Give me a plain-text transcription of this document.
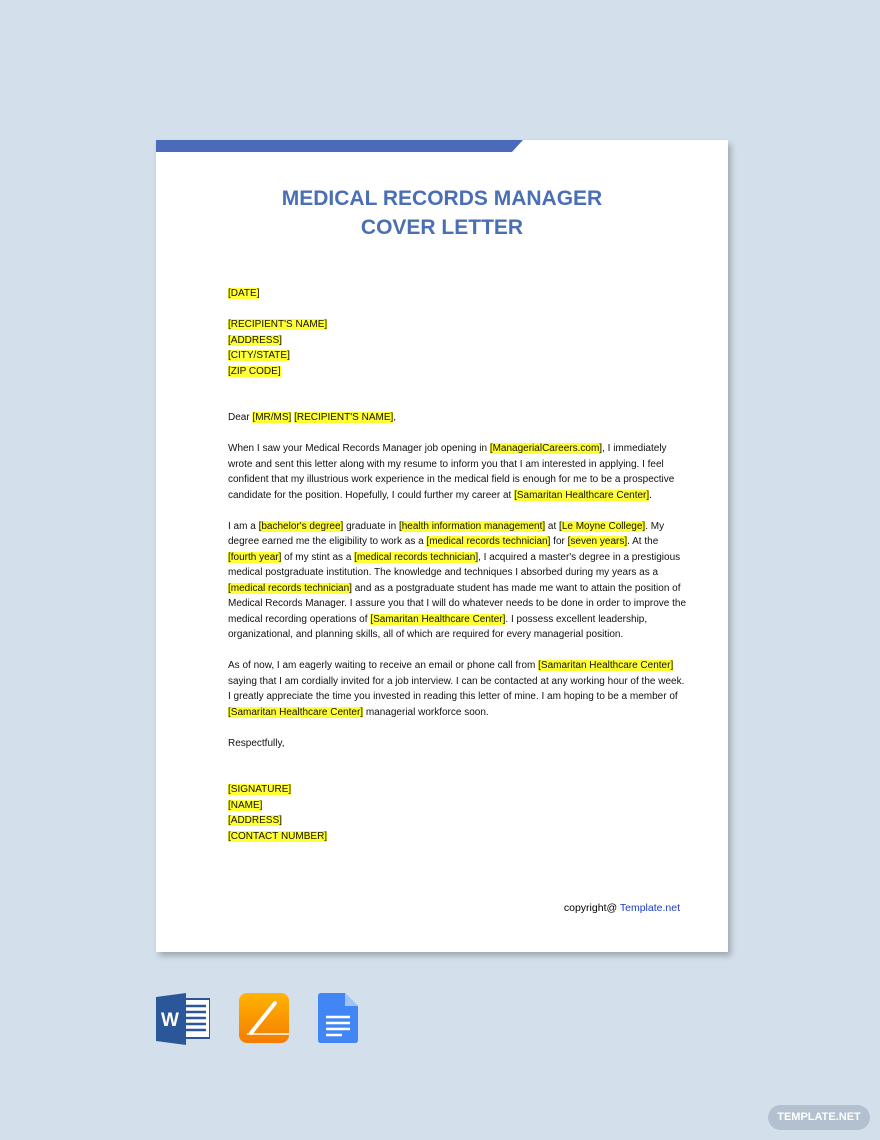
MEDICAL RECORDS MANAGER
COVER LETTER
[DATE]
[RECIPIENT'S NAME]
[ADDRESS]
[CITY/STATE]
[ZIP CODE]

Dear [MR/MS] [RECIPIENT'S NAME],

When I saw your Medical Records Manager job opening in [ManagerialCareers.com], I immediately wrote and sent this letter along with my resume to inform you that I am interested in applying. I feel confident that my illustrious work experience in the medical field is enough for me to be a prospective candidate for the position. Hopefully, I could further my career at [Samaritan Healthcare Center].

I am a [bachelor's degree] graduate in [health information management] at [Le Moyne College]. My degree earned me the eligibility to work as a [medical records technician] for [seven years]. At the [fourth year] of my stint as a [medical records technician], I acquired a master's degree in a prestigious medical postgraduate institution. The knowledge and techniques I absorbed during my years as a [medical records technician] and as a postgraduate student has made me want to attain the position of Medical Records Manager. I assure you that I will do whatever needs to be done in order to improve the medical recording operations of [Samaritan Healthcare Center]. I possess excellent leadership, organizational, and planning skills, all of which are required for every managerial position.

As of now, I am eagerly waiting to receive an email or phone call from [Samaritan Healthcare Center] saying that I am cordially invited for a job interview. I can be contacted at any working hour of the week. I greatly appreciate the time you invested in reading this letter of mine. I am hoping to be a member of [Samaritan Healthcare Center] managerial workforce soon.

Respectfully,
[SIGNATURE]
[NAME]
[ADDRESS]
[CONTACT NUMBER]
copyright@ Template.net
W
TEMPLATE.NET
